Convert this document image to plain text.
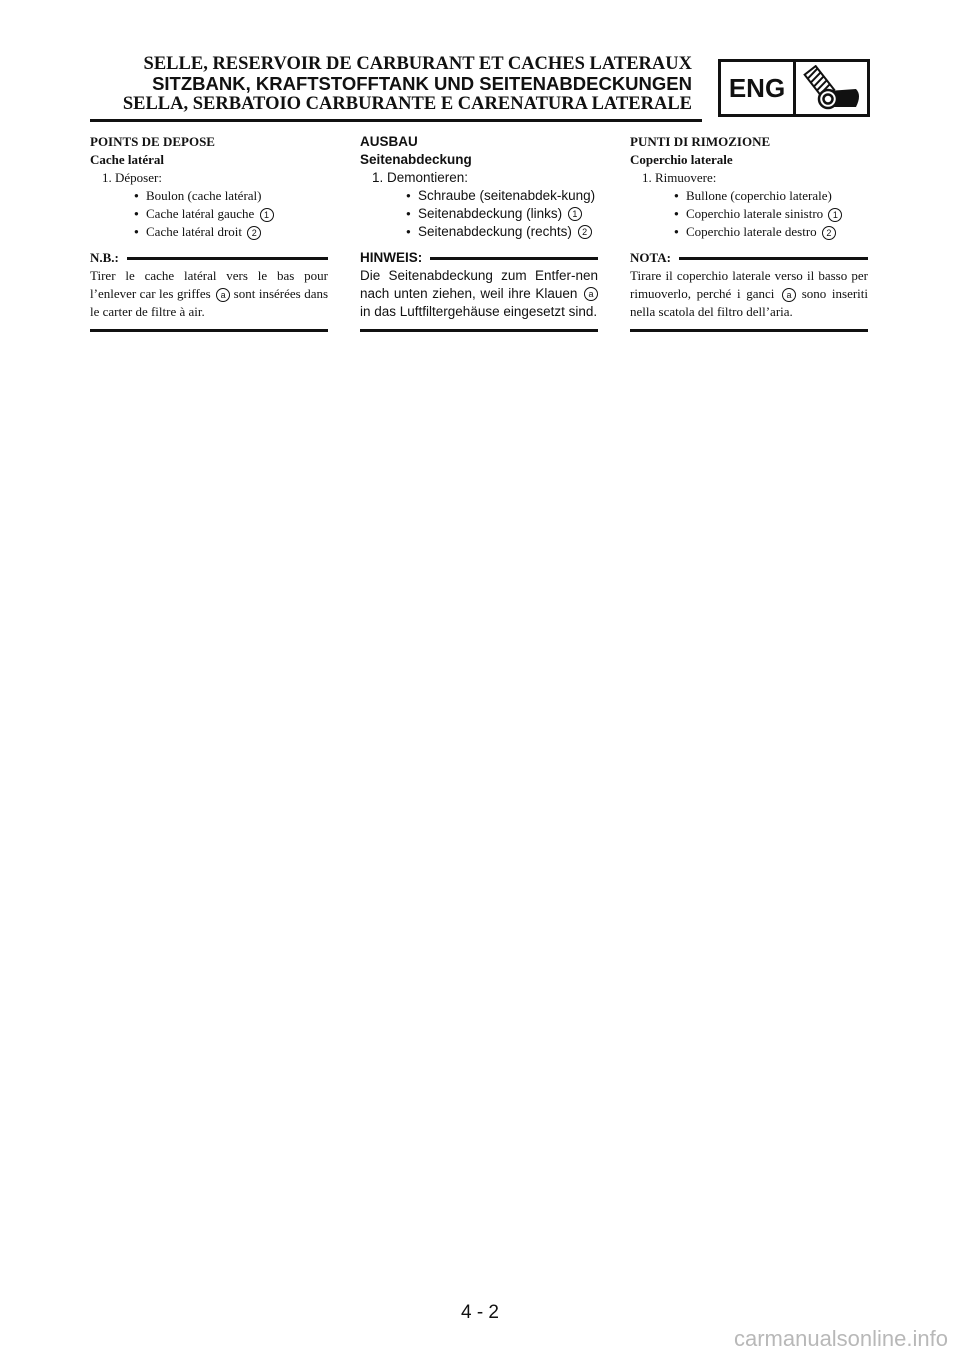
SELLE, RESERVOIR DE CARBURANT ET CACHES LATERAUX
SITZBANK, KRAFTSTOFFTANK UND SEITENABDECKUNGEN
SELLA, SERBATOIO CARBURANTE E CARENATURA LATERALE
ENG
POINTS DE DEPOSE
Cache latéral
1. Déposer:
● Boulon (cache latéral)
● Cache latéral gauche 1
● Cache latéral droit 2
N.B.:
Tirer le cache latéral vers le bas pour l’enlever car les griffes a sont insérées dans le carter de filtre à air.
AUSBAU
Seitenabdeckung
1. Demontieren:
● Schraube (seitenabdek-kung)
● Seitenabdeckung (links) 1
● Seitenabdeckung (rechts) 2
HINWEIS:
Die Seitenabdeckung zum Entfer-nen nach unten ziehen, weil ihre Klauen a in das Luftfiltergehäuse eingesetzt sind.
PUNTI DI RIMOZIONE
Coperchio laterale
1. Rimuovere:
● Bullone (coperchio laterale)
● Coperchio laterale sinistro 1
● Coperchio laterale destro 2
NOTA:
Tirare il coperchio laterale verso il basso per rimuoverlo, perché i ganci a sono inseriti nella scatola del filtro dell’aria.
4 - 2
carmanualsonline.info
